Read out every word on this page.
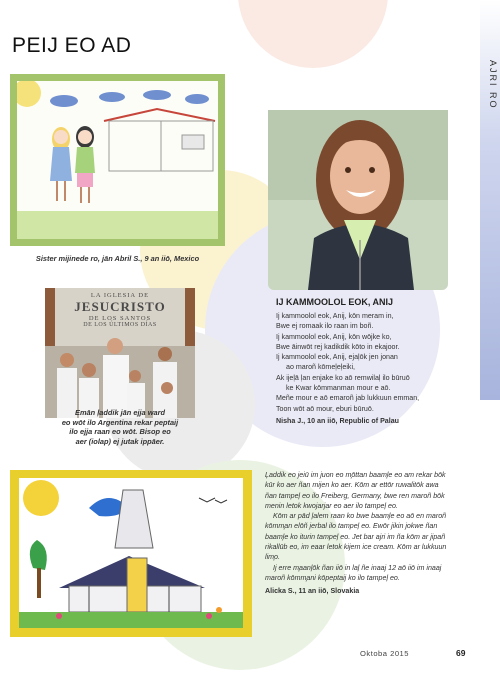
AJRI RO
PEIJ EO AD
Sister mijinede ro, jān Abril S., 9 an iiō, Mexico
LA IGLESIA DE
JESUCRISTO
DE LOS SANTOS
DE LOS ÚLTIMOS DÍAS
Emān ļaddik jān ejja ward
eo wōt ilo Argentina rekar peptaij
ilo ejja raan eo wōt. Bisop eo
aer (iolap) ej jutak ippāer.
IJ KAMMOOLOL EOK, ANIJ
Ij kammoolol eok, Anij, kōn meram in,
Bwe ej romaak ilo raan im boñ.
Ij kammoolol eok, Anij, kōn wōjke ko,
Bwe āinwōt rej kadikdik kōto in ekajoor.
Ij kammoolol eok, Anij, ejaļōk jen jonan
ao maroñ kōmeļeļeiki,
Ak ijeļā ļan enjake ko aō remwilaļ ilo būruō
ke Kwar kōmmanman mour e aō.
Meñe mour e aō emaroñ jab lukkuun emman,
Toon wōt aō mour, eburi būruō.
Nisha J., 10 an iiō, Republic of Palau

Ļaddik eo jeiū im juon eo m̧ōttan baam̧le eo am rekar bōk kūr ko aer ñan mijen ko aer. Kōm ar ettōr ruwalitōk awa ñan tampeļ eo ilo Freiberg, Germany, bwe ren maroñ bōk menin letok kwojarjar eo aer ilo tampeļ eo.

Kōm ar pād ļalem raan ko bwe baam̧le eo aō en maroñ kōmm̧an elōñ jerbal ilo tampeļ eo. Ewōr jikin jokwe ñan baam̧le ko iturin tampeļ eo. Jet bar ajri im ña kōm ar jipañ rikallūb eo, im eaar letok kijem ice cream. Kōm ar lukkuun lim̧o.

Ij erre m̧aanļōk ñan iiō in laļ ñe inaaj 12 aō iiō im inaaj maroñ kōmm̧ani kōpeptaij ko ilo tampeļ eo.

Alicka S., 11 an iiō, Slovakia

Oktoba 2015	69
